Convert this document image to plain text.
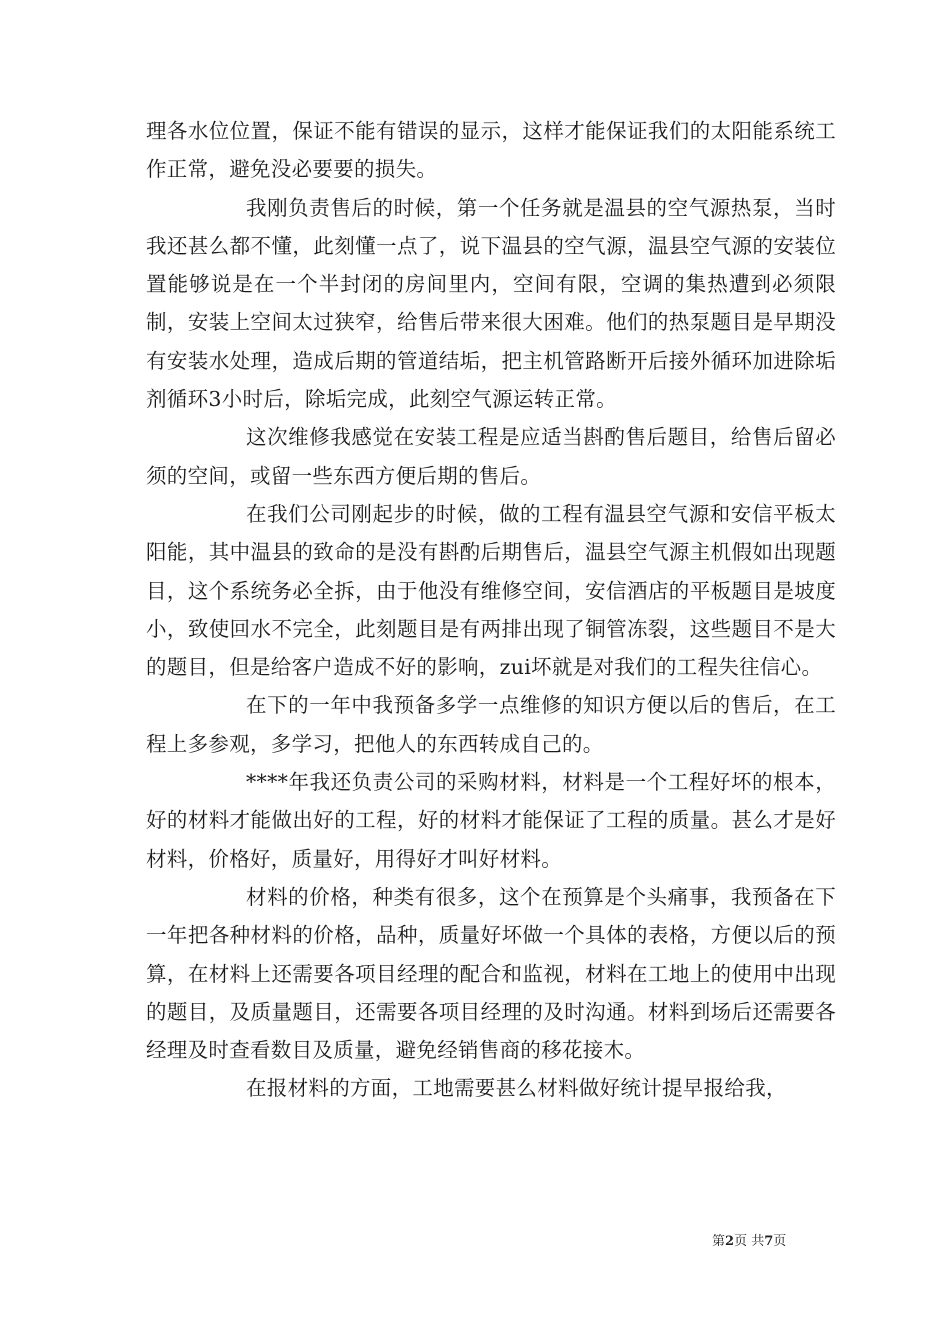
理各水位位置，保证不能有错误的显示，这样才能保证我们的太阳能系统工作正常，避免没必要要的损失。

我刚负责售后的时候，第一个任务就是温县的空气源热泵，当时我还甚么都不懂，此刻懂一点了，说下温县的空气源，温县空气源的安装位置能够说是在一个半封闭的房间里内，空间有限，空调的集热遭到必须限制，安装上空间太过狭窄，给售后带来很大困难。他们的热泵题目是早期没有安装水处理，造成后期的管道结垢，把主机管路断开后接外循环加进除垢剂循环3小时后，除垢完成，此刻空气源运转正常。

这次维修我感觉在安装工程是应适当斟酌售后题目，给售后留必须的空间，或留一些东西方便后期的售后。

在我们公司刚起步的时候，做的工程有温县空气源和安信平板太阳能，其中温县的致命的是没有斟酌后期售后，温县空气源主机假如出现题目，这个系统务必全拆，由于他没有维修空间，安信酒店的平板题目是坡度小，致使回水不完全，此刻题目是有两排出现了铜管冻裂，这些题目不是大的题目，但是给客户造成不好的影响，zui坏就是对我们的工程失往信心。

在下的一年中我预备多学一点维修的知识方便以后的售后，在工程上多参观，多学习，把他人的东西转成自己的。

****年我还负责公司的采购材料，材料是一个工程好坏的根本，好的材料才能做出好的工程，好的材料才能保证了工程的质量。甚么才是好材料，价格好，质量好，用得好才叫好材料。

材料的价格，种类有很多，这个在预算是个头痛事，我预备在下一年把各种材料的价格，品种，质量好坏做一个具体的表格，方便以后的预算，在材料上还需要各项目经理的配合和监视，材料在工地上的使用中出现的题目，及质量题目，还需要各项目经理的及时沟通。材料到场后还需要各经理及时查看数目及质量，避免经销售商的移花接木。

在报材料的方面，工地需要甚么材料做好统计提早报给我，

第2页 共7页
